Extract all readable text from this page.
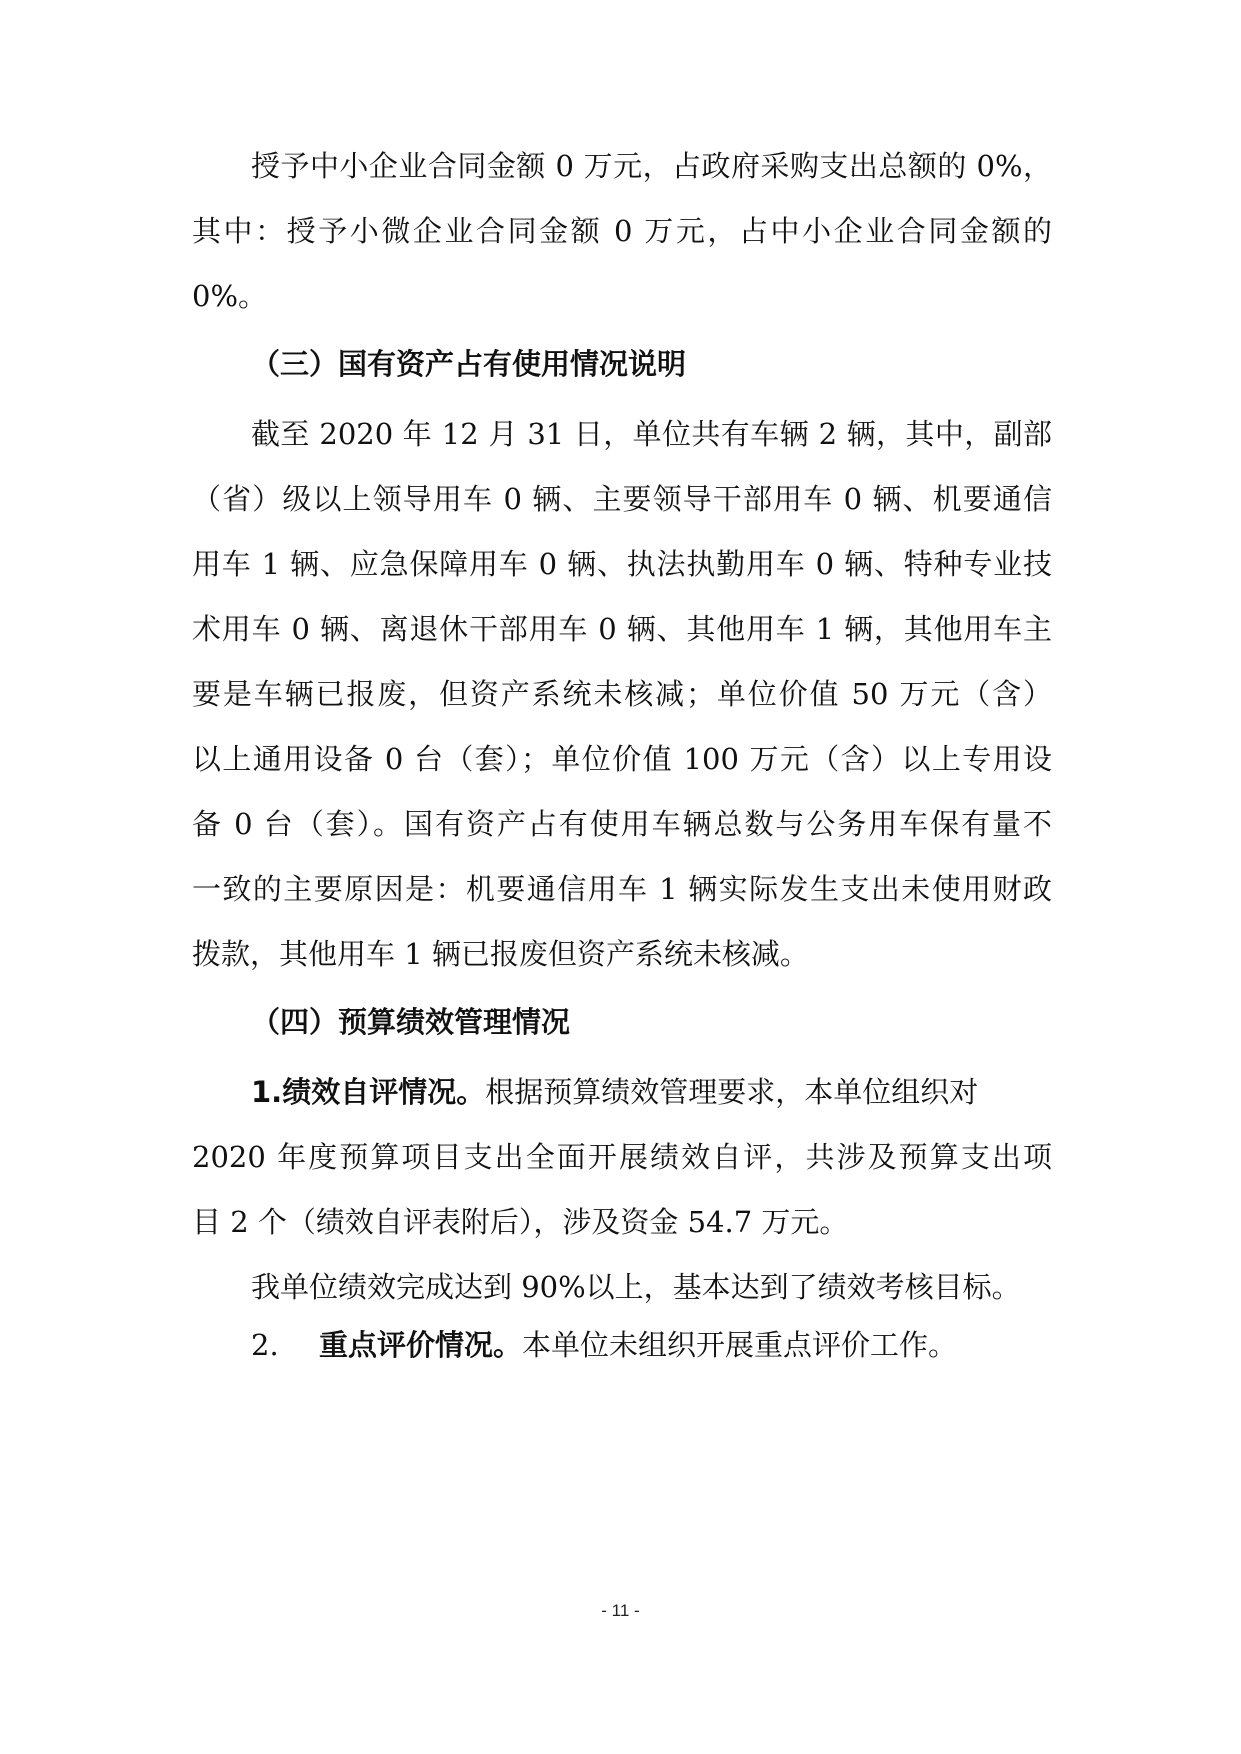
授予中小企业合同金额 0 万元，占政府采购支出总额的 0%，
其中：授予小微企业合同金额 0 万元，占中小企业合同金额的
0%。
（三）国有资产占有使用情况说明
截至 2020 年 12 月 31 日，单位共有车辆 2 辆，其中，副部
（省）级以上领导用车 0 辆、主要领导干部用车 0 辆、机要通信
用车 1 辆、应急保障用车 0 辆、执法执勤用车 0 辆、特种专业技
术用车 0 辆、离退休干部用车 0 辆、其他用车 1 辆，其他用车主
要是车辆已报废，但资产系统未核减；单位价值 50 万元（含）
以上通用设备 0 台（套）；单位价值 100 万元（含）以上专用设
备 0 台（套）。国有资产占有使用车辆总数与公务用车保有量不
一致的主要原因是：机要通信用车 1 辆实际发生支出未使用财政
拨款，其他用车 1 辆已报废但资产系统未核减。
（四）预算绩效管理情况
1.绩效自评情况。根据预算绩效管理要求，本单位组织对
2020 年度预算项目支出全面开展绩效自评，共涉及预算支出项
目 2 个（绩效自评表附后），涉及资金 54.7 万元。
我单位绩效完成达到 90%以上，基本达到了绩效考核目标。
2. 重点评价情况。本单位未组织开展重点评价工作。
- 11 -
